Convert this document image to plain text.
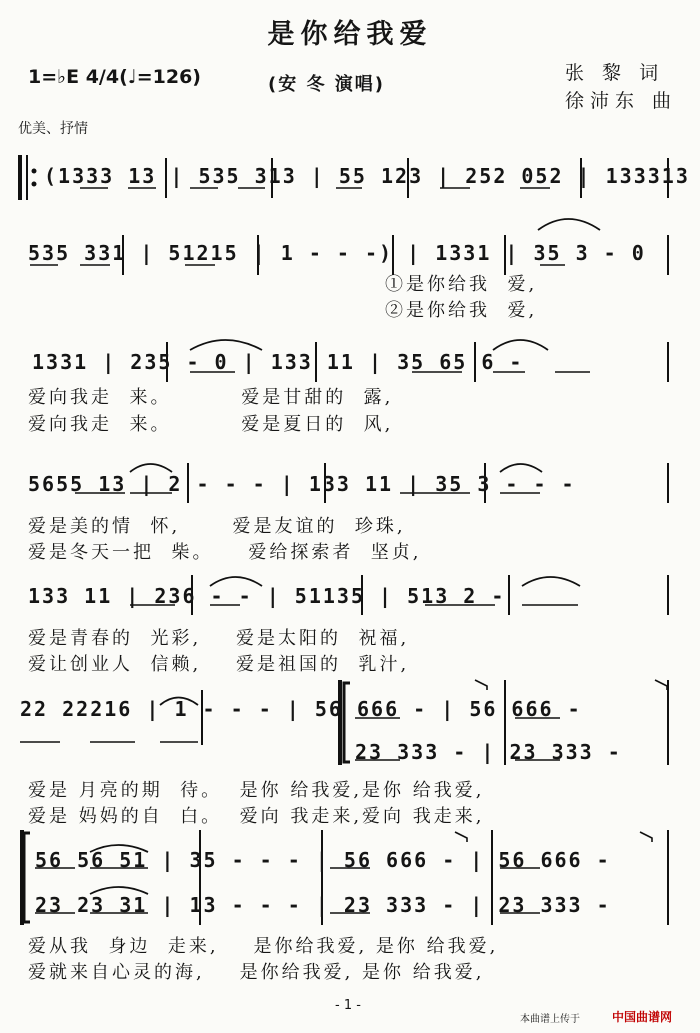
是你给我爱
1=♭E 4/4(♩=126)	(安 冬 演唱)
张 黎 词
徐沛东 曲
优美、抒情
(1333 13 | 535 313 | 55 123 | 252 052 | 133313
535 331 | 51215 | 1 - - -) | 1331 | 35 3 - 0
①是你给我  爱,
②是你给我  爱,
1331 | 235 - 0 | 133 11 | 35 65 6 -
爱向我走  来。        爱是甘甜的  露,
爱向我走  来。        爱是夏日的  风,
5655 13 | 2 - - - | 133 11 | 35 3 - - -
爱是美的情  怀,      爱是友谊的  珍珠,
爱是冬天一把  柴。    爱给探索者  坚贞,
133 11 | 236 - - | 51135 | 513 2 -
爱是青春的  光彩,    爱是太阳的  祝福,
爱让创业人  信赖,    爱是祖国的  乳汁,
22 22216 | 1 - - - | 56 666 - | 56 666 -
23 333 - | 23 333 -
爱是 月亮的期  待。  是你 给我爱,是你 给我爱,
爱是 妈妈的自  白。  爱向 我走来,爱向 我走来,
56 56 51 | 35 - - - | 56 666 - | 56 666 -
23 23 31 | 13 - - - | 23 333 - | 23 333 -
爱从我  身边  走来,    是你给我爱, 是你 给我爱,
爱就来自心灵的海,    是你给我爱, 是你 给我爱,
- 1 -
本曲谱上传于	中国曲谱网
